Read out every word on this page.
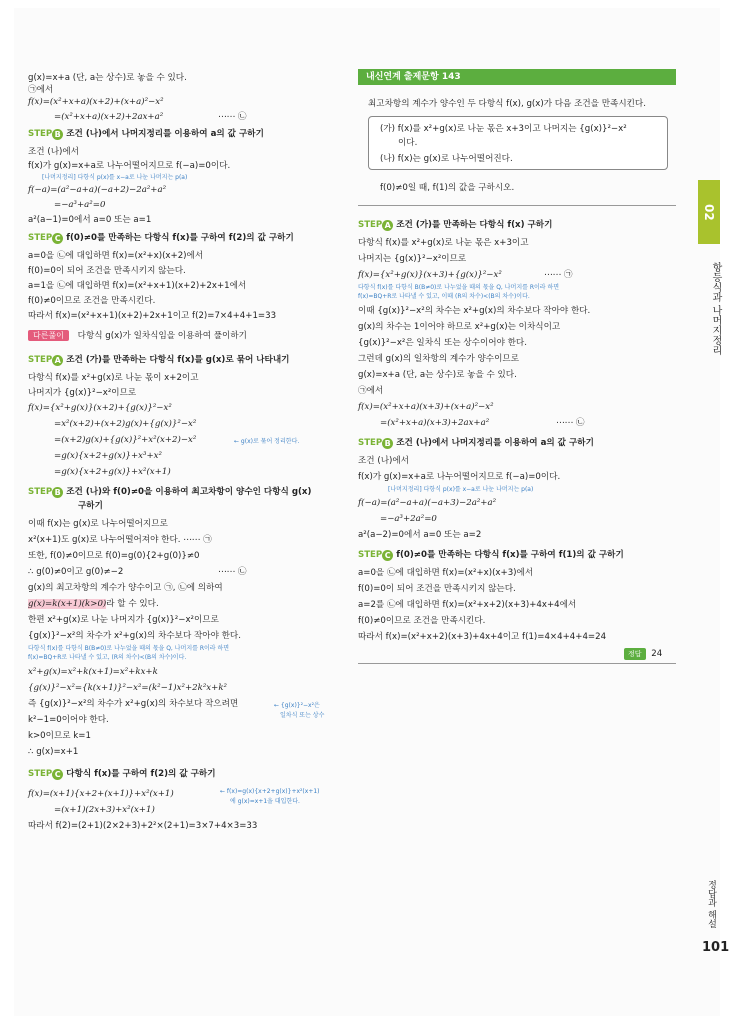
g(x)=x+a (단, a는 상수)로 놓을 수 있다.
㉠에서
f(x)=(x²+x+a)(x+2)+(x+a)²−x²
=(x²+x+a)(x+2)+2ax+a²	⋯⋯ ㉡
STEP B 조건 (나)에서 나머지정리를 이용하여 a의 값 구하기
조건 (나)에서
f(x)가 g(x)=x+a로 나누어떨어지므로 f(−a)=0이다.
[나머지정리] 다항식 p(x)를 x−a로 나눈 나머지는 p(a)
f(−a)=(a²−a+a)(−a+2)−2a²+a²
=−a³+a²=0
a²(a−1)=0에서 a=0 또는 a=1
STEP C f(0)≠0를 만족하는 다항식 f(x)를 구하여 f(2)의 값 구하기
a=0을 ㉡에 대입하면 f(x)=(x²+x)(x+2)에서
f(0)=0이 되어 조건을 만족시키지 않는다.
a=1을 ㉡에 대입하면 f(x)=(x²+x+1)(x+2)+2x+1에서
f(0)≠0이므로 조건을 만족시킨다.
따라서 f(x)=(x²+x+1)(x+2)+2x+1이고 f(2)=7×4+4+1=33
다른풀이 다항식 g(x)가 일차식임을 이용하여 풀이하기
STEP A 조건 (가)를 만족하는 다항식 f(x)를 g(x)로 묶어 나타내기
다항식 f(x)를 x²+g(x)로 나눈 몫이 x+2이고
나머지가 {g(x)}²−x²이므로
f(x)={x²+g(x)}(x+2)+{g(x)}²−x²
=x²(x+2)+(x+2)g(x)+{g(x)}²−x²
=(x+2)g(x)+{g(x)}²+x²(x+2)−x²	← g(x)로 묶어 정리한다.
=g(x){x+2+g(x)}+x³+x²
=g(x){x+2+g(x)}+x²(x+1)
STEP B 조건 (나)와 f(0)≠0을 이용하여 최고차항이 양수인 다항식 g(x)
구하기
이때 f(x)는 g(x)로 나누어떨어지므로
x²(x+1)도 g(x)로 나누어떨어져야 한다. ⋯⋯ ㉠
또한, f(0)≠0이므로 f(0)=g(0){2+g(0)}≠0
∴ g(0)≠0이고 g(0)≠−2	⋯⋯ ㉡
g(x)의 최고차항의 계수가 양수이고 ㉠, ㉡에 의하여
g(x)=k(x+1)(k>0)라 할 수 있다.
한편 x²+g(x)로 나눈 나머지가 {g(x)}²−x²이므로
{g(x)}²−x²의 차수가 x²+g(x)의 차수보다 작아야 한다.
다항식 f(x)를 다항식 B(B≠0)로 나누었을 때의 몫을 Q, 나머지를 R이라 하면
f(x)=BQ+R로 나타낼 수 있고, (R의 차수)<(B의 차수)이다.
x²+g(x)=x²+k(x+1)=x²+kx+k
{g(x)}²−x²={k(x+1)}²−x²=(k²−1)x²+2k²x+k²
즉 {g(x)}²−x²의 차수가 x²+g(x)의 차수보다 작으려면	← {g(x)}²−x²은
일차식 또는 상수
k²−1=0이어야 한다.
k>0이므로 k=1
∴ g(x)=x+1
STEP C 다항식 f(x)를 구하여 f(2)의 값 구하기
f(x)=(x+1){x+2+(x+1)}+x²(x+1)	← f(x)=g(x){x+2+g(x)}+x²(x+1)
에 g(x)=x+1을 대입한다.
=(x+1)(2x+3)+x²(x+1)
따라서 f(2)=(2+1)(2×2+3)+2²×(2+1)=3×7+4×3=33
내신연계 출제문항 143
최고차항의 계수가 양수인 두 다항식 f(x), g(x)가 다음 조건을 만족시킨다.
(가) f(x)를 x²+g(x)로 나눈 몫은 x+3이고 나머지는 {g(x)}²−x²
이다.
(나) f(x)는 g(x)로 나누어떨어진다.
f(0)≠0일 때, f(1)의 값을 구하시오.
STEP A 조건 (가)를 만족하는 다항식 f(x) 구하기
다항식 f(x)를 x²+g(x)로 나눈 몫은 x+3이고
나머지는 {g(x)}²−x²이므로
f(x)={x²+g(x)}(x+3)+{g(x)}²−x²	⋯⋯ ㉠
다항식 f(x)를 다항식 B(B≠0)로 나누었을 때의 몫을 Q, 나머지를 R이라 하면
f(x)=BQ+R로 나타낼 수 있고, 이때 (R의 차수)<(B의 차수)이다.
이때 {g(x)}²−x²의 차수는 x²+g(x)의 차수보다 작아야 한다.
g(x)의 차수는 1이어야 하므로 x²+g(x)는 이차식이고
{g(x)}²−x²은 일차식 또는 상수이어야 한다.
그런데 g(x)의 일차항의 계수가 양수이므로
g(x)=x+a (단, a는 상수)로 놓을 수 있다.
㉠에서
f(x)=(x²+x+a)(x+3)+(x+a)²−x²
=(x²+x+a)(x+3)+2ax+a²	⋯⋯ ㉡
STEP B 조건 (나)에서 나머지정리를 이용하여 a의 값 구하기
조건 (나)에서
f(x)가 g(x)=x+a로 나누어떨어지므로 f(−a)=0이다.
[나머지정리] 다항식 p(x)를 x−a로 나눈 나머지는 p(a)
f(−a)=(a²−a+a)(−a+3)−2a²+a²
=−a³+2a²=0
a²(a−2)=0에서 a=0 또는 a=2
STEP C f(0)≠0를 만족하는 다항식 f(x)를 구하여 f(1)의 값 구하기
a=0을 ㉡에 대입하면 f(x)=(x²+x)(x+3)에서
f(0)=0이 되어 조건을 만족시키지 않는다.
a=2를 ㉡에 대입하면 f(x)=(x²+x+2)(x+3)+4x+4에서
f(0)≠0이므로 조건을 만족시킨다.
따라서 f(x)=(x²+x+2)(x+3)+4x+4이고 f(1)=4×4+4+4=24
정답 24
02
항등식과 나머지정리
정답과 해설
101
